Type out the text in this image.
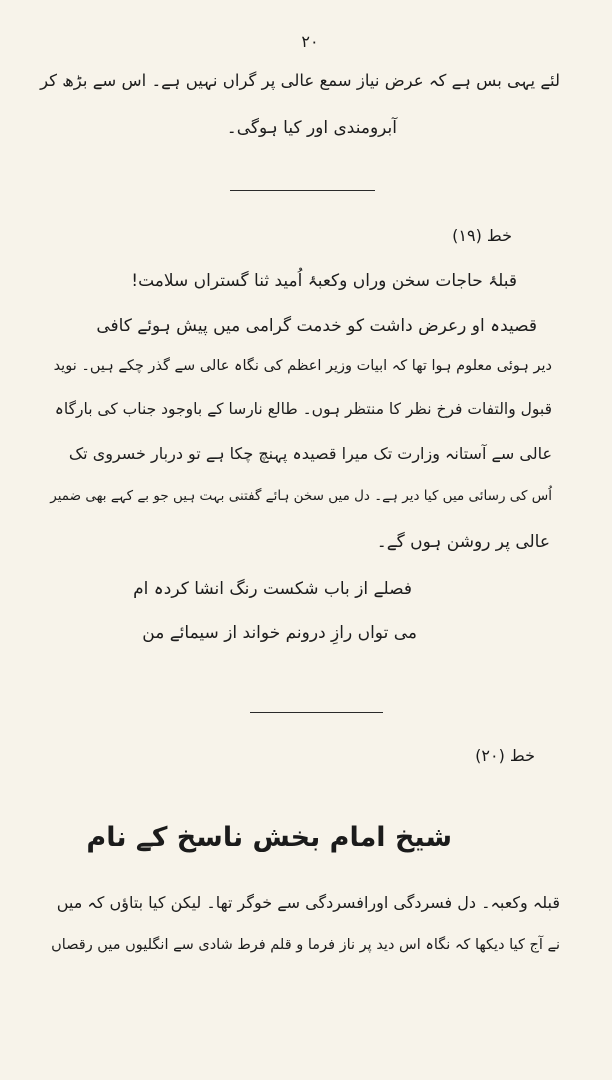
۲۰
لئے یہی بس ہے کہ عرض نیاز سمع عالی پر گراں نہیں ہے۔ اس سے بڑھ کر
آبرومندی اور کیا ہوگی۔
خط (۱۹)
قبلۂ حاجات سخن وراں وکعبۂ اُمید ثنا گستراں سلامت!
قصیدہ او رعرض داشت کو خدمت گرامی میں پیش ہوئے کافی
دیر ہوئی معلوم ہوا تھا کہ ابیات وزیر اعظم کی نگاہ عالی سے گذر چکے ہیں۔ نوید
قبول والتفات فرخ نظر کا منتظر ہوں۔ طالع نارسا کے باوجود جناب کی بارگاہ
عالی سے آستانہ وزارت تک میرا قصیدہ پہنچ چکا ہے تو دربار خسروی تک
اُس کی رسائی میں کیا دیر ہے۔ دل میں سخن ہائے گفتنی بہت ہیں جو بے کہے بھی ضمیر
عالی پر روشن ہوں گے۔
فصلے از باب شکست رنگ انشا کردہ ام
می تواں رازِ درونم خواند از سیمائے من
خط (۲۰)
شیخ امام بخش ناسخ کے نام
قبلہ وکعبہ۔ دل فسردگی اورافسردگی سے خوگر تھا۔ لیکن کیا بتاؤں کہ میں
نے آج کیا دیکھا کہ نگاہ اس دید پر ناز فرما و قلم فرط شادی سے انگلیوں میں رقصاں
